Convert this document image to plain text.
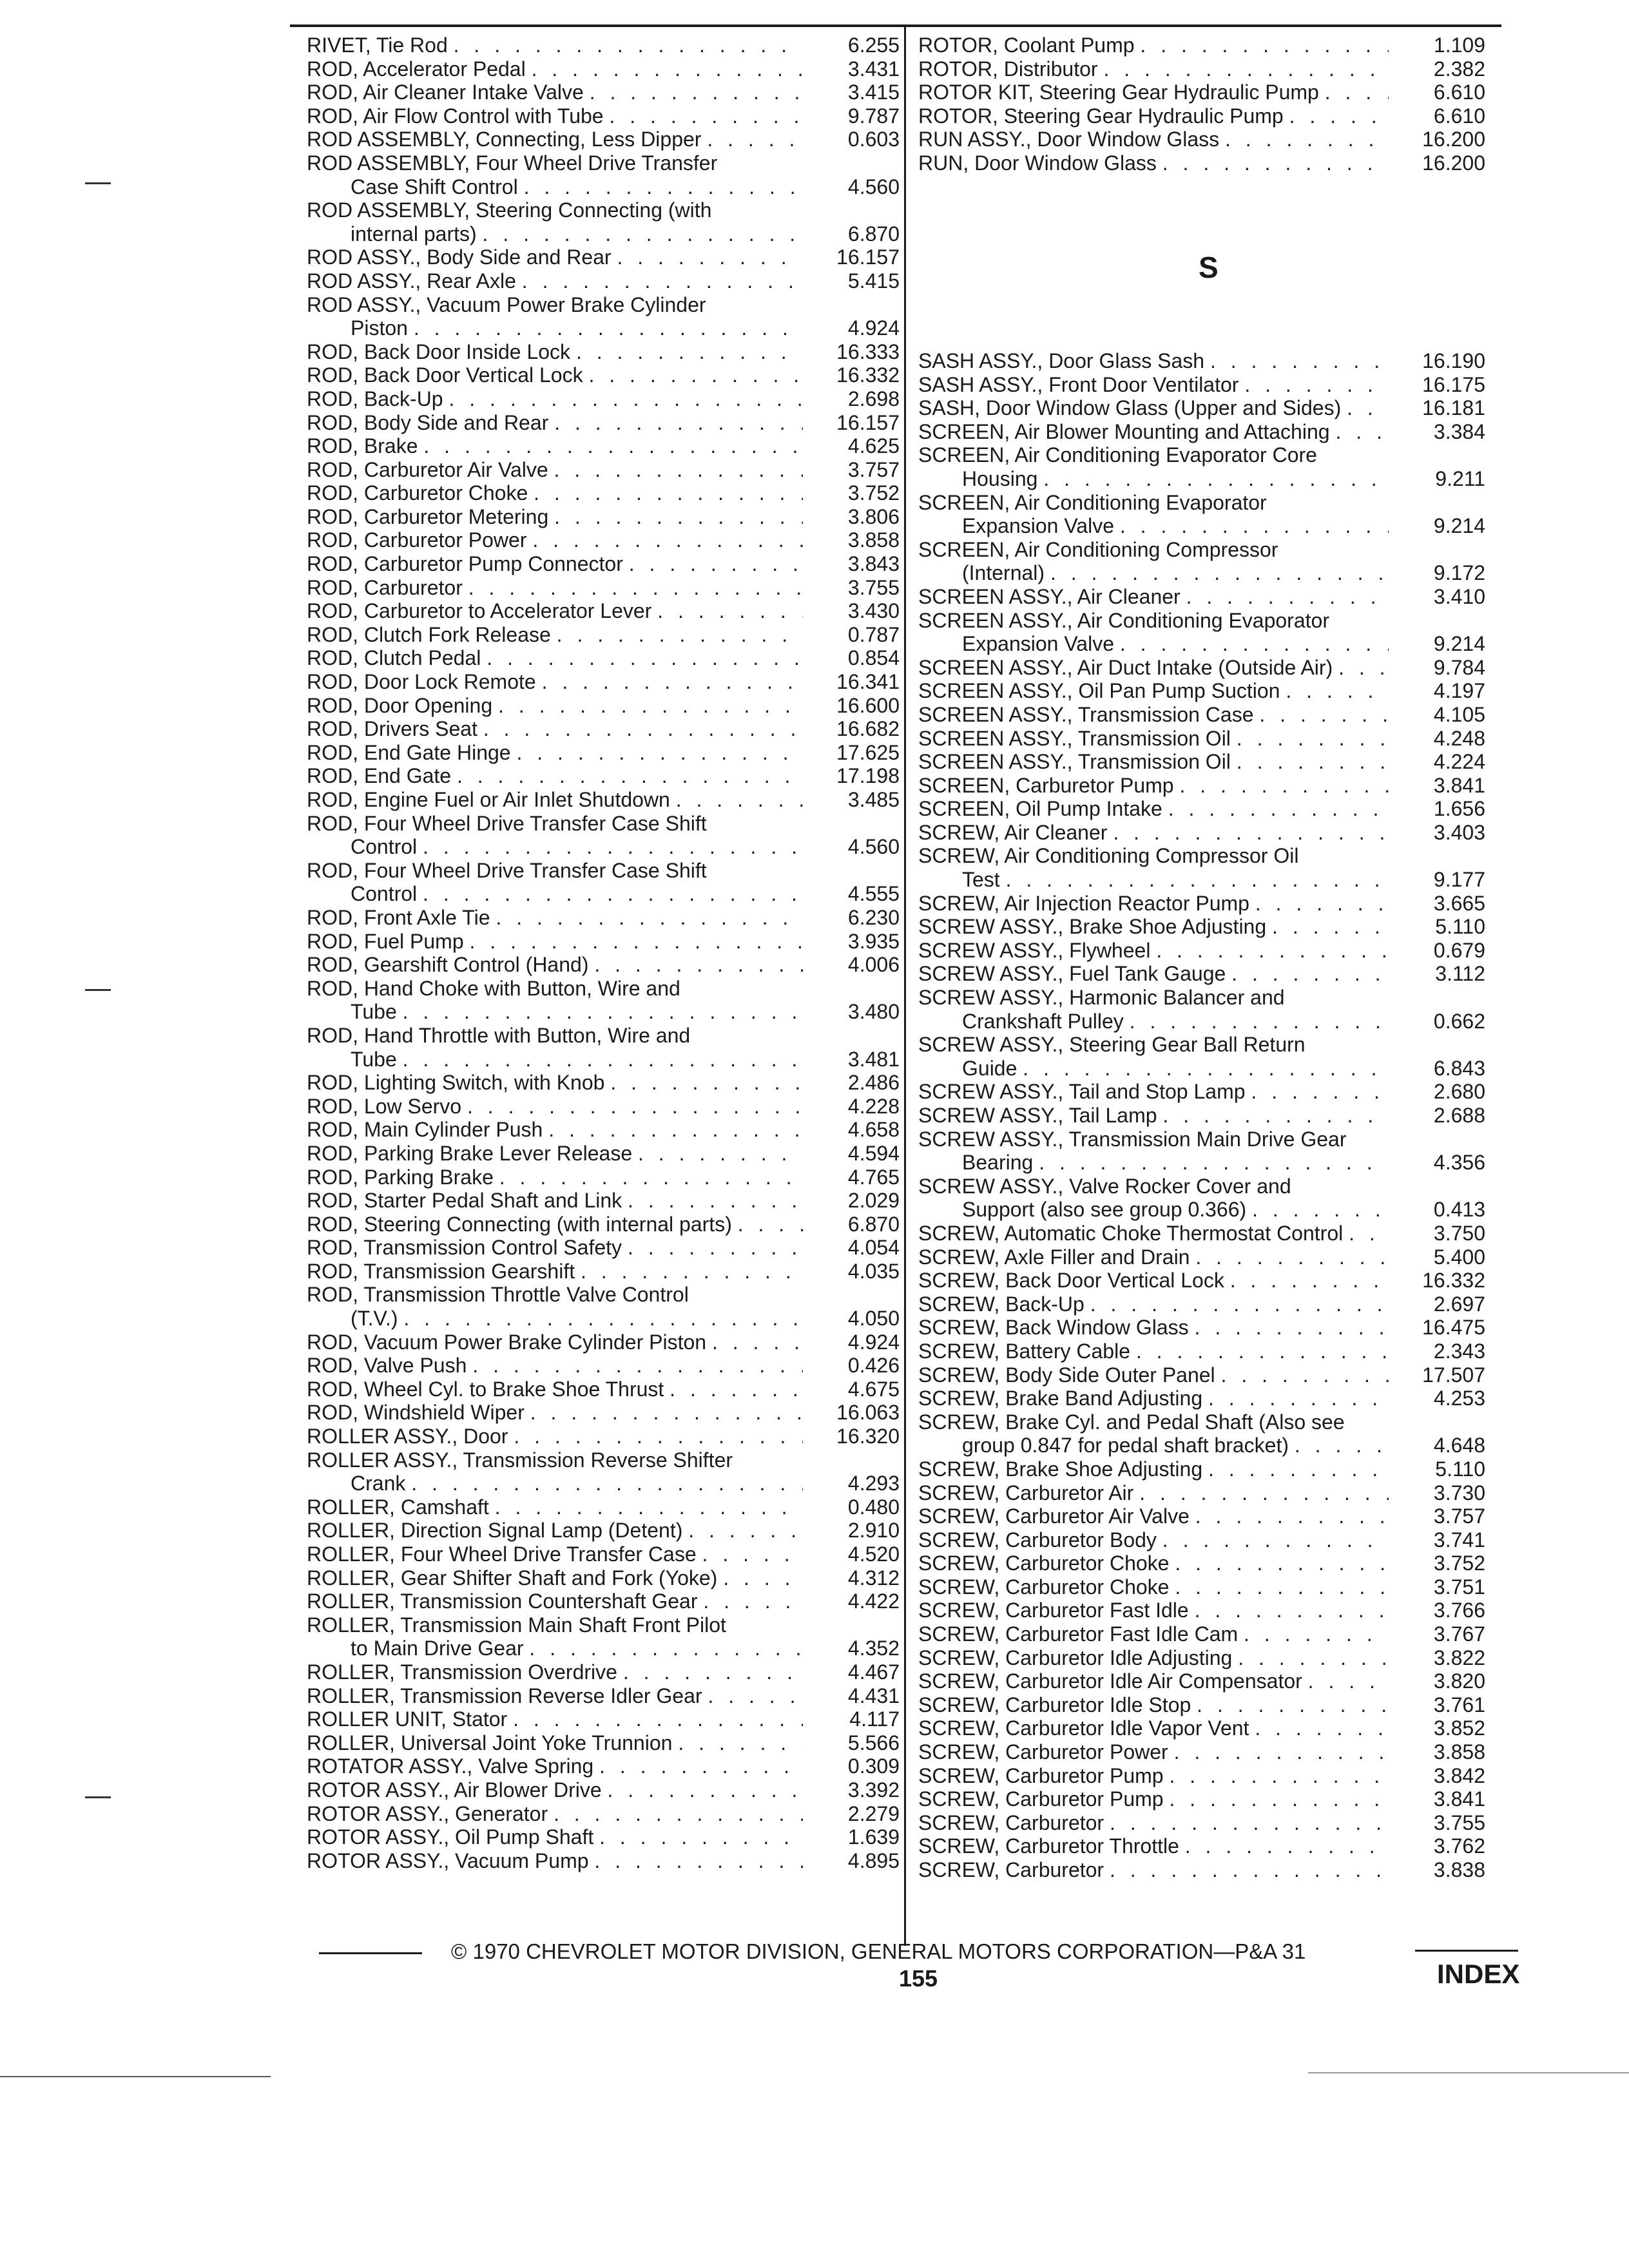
RIVET, Tie Rod . . .	6.255
ROD, Accelerator Pedal . . .	3.431
ROD, Air Cleaner Intake Valve . . .	3.415
ROD, Air Flow Control with Tube . . .	9.787
ROD ASSEMBLY, Connecting, Less Dipper . . .	0.603
ROD ASSEMBLY, Four Wheel Drive Transfer
Case Shift Control . . .	4.560
ROD ASSEMBLY, Steering Connecting (with
internal parts) . . .	6.870
ROD ASSY., Body Side and Rear . . .	16.157
ROD ASSY., Rear Axle . . .	5.415
ROD ASSY., Vacuum Power Brake Cylinder
Piston . . .	4.924
ROD, Back Door Inside Lock . . .	16.333
ROD, Back Door Vertical Lock . . .	16.332
ROD, Back-Up . . .	2.698
ROD, Body Side and Rear . . .	16.157
ROD, Brake . . .	4.625
ROD, Carburetor Air Valve . . .	3.757
ROD, Carburetor Choke . . .	3.752
ROD, Carburetor Metering . . .	3.806
ROD, Carburetor Power . . .	3.858
ROD, Carburetor Pump Connector . . .	3.843
ROD, Carburetor . . .	3.755
ROD, Carburetor to Accelerator Lever . . .	3.430
ROD, Clutch Fork Release . . .	0.787
ROD, Clutch Pedal . . .	0.854
ROD, Door Lock Remote . . .	16.341
ROD, Door Opening . . .	16.600
ROD, Drivers Seat . . .	16.682
ROD, End Gate Hinge . . .	17.625
ROD, End Gate . . .	17.198
ROD, Engine Fuel or Air Inlet Shutdown . . .	3.485
ROD, Four Wheel Drive Transfer Case Shift
Control . . .	4.560
ROD, Four Wheel Drive Transfer Case Shift
Control . . .	4.555
ROD, Front Axle Tie . . .	6.230
ROD, Fuel Pump . . .	3.935
ROD, Gearshift Control (Hand) . . .	4.006
ROD, Hand Choke with Button, Wire and
Tube . . .	3.480
ROD, Hand Throttle with Button, Wire and
Tube . . .	3.481
ROD, Lighting Switch, with Knob . . .	2.486
ROD, Low Servo . . .	4.228
ROD, Main Cylinder Push . . .	4.658
ROD, Parking Brake Lever Release . . .	4.594
ROD, Parking Brake . . .	4.765
ROD, Starter Pedal Shaft and Link . . .	2.029
ROD, Steering Connecting (with internal parts) . . .	6.870
ROD, Transmission Control Safety . . .	4.054
ROD, Transmission Gearshift . . .	4.035
ROD, Transmission Throttle Valve Control
(T.V.) . . .	4.050
ROD, Vacuum Power Brake Cylinder Piston . . .	4.924
ROD, Valve Push . . .	0.426
ROD, Wheel Cyl. to Brake Shoe Thrust . . .	4.675
ROD, Windshield Wiper . . .	16.063
ROLLER ASSY., Door . . .	16.320
ROLLER ASSY., Transmission Reverse Shifter
Crank . . .	4.293
ROLLER, Camshaft . . .	0.480
ROLLER, Direction Signal Lamp (Detent) . . .	2.910
ROLLER, Four Wheel Drive Transfer Case . . .	4.520
ROLLER, Gear Shifter Shaft and Fork (Yoke) . . .	4.312
ROLLER, Transmission Countershaft Gear . . .	4.422
ROLLER, Transmission Main Shaft Front Pilot
to Main Drive Gear . . .	4.352
ROLLER, Transmission Overdrive . . .	4.467
ROLLER, Transmission Reverse Idler Gear . . .	4.431
ROLLER UNIT, Stator . . .	4.117
ROLLER, Universal Joint Yoke Trunnion . . .	5.566
ROTATOR ASSY., Valve Spring . . .	0.309
ROTOR ASSY., Air Blower Drive . . .	3.392
ROTOR ASSY., Generator . . .	2.279
ROTOR ASSY., Oil Pump Shaft . . .	1.639
ROTOR ASSY., Vacuum Pump . . .	4.895
ROTOR, Coolant Pump . . .	1.109
ROTOR, Distributor . . .	2.382
ROTOR KIT, Steering Gear Hydraulic Pump . . .	6.610
ROTOR, Steering Gear Hydraulic Pump . . .	6.610
RUN ASSY., Door Window Glass . . .	16.200
RUN, Door Window Glass . . .	16.200
S
SASH ASSY., Door Glass Sash . . .	16.190
SASH ASSY., Front Door Ventilator . . .	16.175
SASH, Door Window Glass (Upper and Sides) . . .	16.181
SCREEN, Air Blower Mounting and Attaching . . .	3.384
SCREEN, Air Conditioning Evaporator Core
Housing . . .	9.211
SCREEN, Air Conditioning Evaporator
Expansion Valve . . .	9.214
SCREEN, Air Conditioning Compressor
(Internal) . . .	9.172
SCREEN ASSY., Air Cleaner . . .	3.410
SCREEN ASSY., Air Conditioning Evaporator
Expansion Valve . . .	9.214
SCREEN ASSY., Air Duct Intake (Outside Air) . . .	9.784
SCREEN ASSY., Oil Pan Pump Suction . . .	4.197
SCREEN ASSY., Transmission Case . . .	4.105
SCREEN ASSY., Transmission Oil . . .	4.248
SCREEN ASSY., Transmission Oil . . .	4.224
SCREEN, Carburetor Pump . . .	3.841
SCREEN, Oil Pump Intake . . .	1.656
SCREW, Air Cleaner . . .	3.403
SCREW, Air Conditioning Compressor Oil
Test . . .	9.177
SCREW, Air Injection Reactor Pump . . .	3.665
SCREW ASSY., Brake Shoe Adjusting . . .	5.110
SCREW ASSY., Flywheel . . .	0.679
SCREW ASSY., Fuel Tank Gauge . . .	3.112
SCREW ASSY., Harmonic Balancer and
Crankshaft Pulley . . .	0.662
SCREW ASSY., Steering Gear Ball Return
Guide . . .	6.843
SCREW ASSY., Tail and Stop Lamp . . .	2.680
SCREW ASSY., Tail Lamp . . .	2.688
SCREW ASSY., Transmission Main Drive Gear
Bearing . . .	4.356
SCREW ASSY., Valve Rocker Cover and
Support (also see group 0.366) . . .	0.413
SCREW, Automatic Choke Thermostat Control . . .	3.750
SCREW, Axle Filler and Drain . . .	5.400
SCREW, Back Door Vertical Lock . . .	16.332
SCREW, Back-Up . . .	2.697
SCREW, Back Window Glass . . .	16.475
SCREW, Battery Cable . . .	2.343
SCREW, Body Side Outer Panel . . .	17.507
SCREW, Brake Band Adjusting . . .	4.253
SCREW, Brake Cyl. and Pedal Shaft (Also see
group 0.847 for pedal shaft bracket) . . .	4.648
SCREW, Brake Shoe Adjusting . . .	5.110
SCREW, Carburetor Air . . .	3.730
SCREW, Carburetor Air Valve . . .	3.757
SCREW, Carburetor Body . . .	3.741
SCREW, Carburetor Choke . . .	3.752
SCREW, Carburetor Choke . . .	3.751
SCREW, Carburetor Fast Idle . . .	3.766
SCREW, Carburetor Fast Idle Cam . . .	3.767
SCREW, Carburetor Idle Adjusting . . .	3.822
SCREW, Carburetor Idle Air Compensator . . .	3.820
SCREW, Carburetor Idle Stop . . .	3.761
SCREW, Carburetor Idle Vapor Vent . . .	3.852
SCREW, Carburetor Power . . .	3.858
SCREW, Carburetor Pump . . .	3.842
SCREW, Carburetor Pump . . .	3.841
SCREW, Carburetor . . .	3.755
SCREW, Carburetor Throttle . . .	3.762
SCREW, Carburetor . . .	3.838
© 1970 CHEVROLET MOTOR DIVISION, GENERAL MOTORS CORPORATION—P&A 31
155	INDEX
